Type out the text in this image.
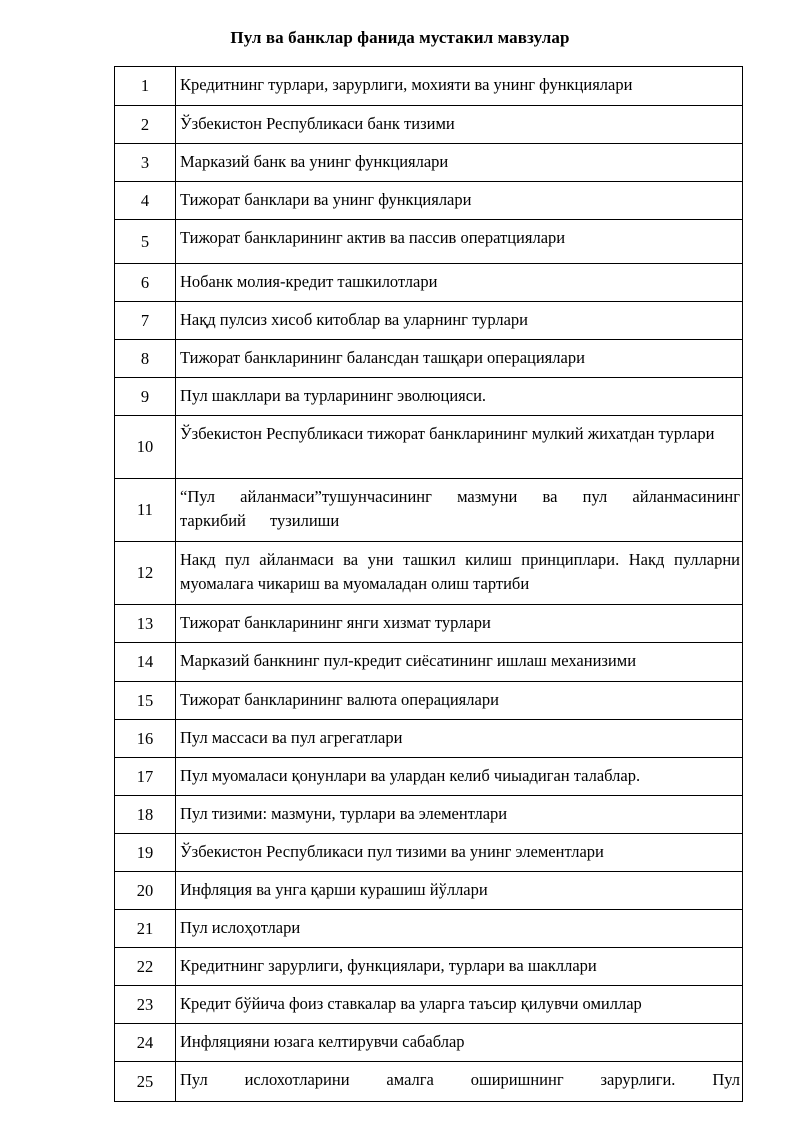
Пул ва банклар фанида мустакил мавзулар
1	Кредитнинг турлари, зарурлиги, мохияти ва унинг функциялари
2	Ўзбекистон Республикаси банк тизими
3	Марказий банк ва унинг функциялари
4	Тижорат банклари ва унинг функциялари
5	Тижорат банкларининг актив ва пассив оператциялари
6	Нобанк молия-кредит ташкилотлари
7	Нақд пулсиз хисоб китоблар ва уларнинг турлари
8	Тижорат банкларининг балансдан ташқари операциялари
9	Пул шакллари ва турларининг эволюцияси.
10	Ўзбекистон Республикаси тижорат банкларининг мулкий жихатдан турлари
11	“Пул айланмаси”тушунчасининг мазмуни ва пул айланмасининг таркибий тузилиши
12	Накд пул айланмаси ва уни ташкил килиш принциплари. Накд пулларни муомалага чикариш ва муомаладан олиш тартиби
13	Тижорат банкларининг янги хизмат турлари
14	Марказий банкнинг пул-кредит сиёсатининг ишлаш механизими
15	Тижорат банкларининг валюта операциялари
16	Пул массаси ва пул агрегатлари
17	Пул муомаласи қонунлари ва улардан келиб чиыадиган талаблар.
18	Пул тизими: мазмуни, турлари ва элементлари
19	Ўзбекистон Республикаси пул тизими ва унинг элементлари
20	Инфляция ва унга қарши курашиш йўллари
21	Пул ислоҳотлари
22	Кредитнинг зарурлиги, функциялари, турлари ва шакллари
23	Кредит бўйича фоиз ставкалар ва уларга таъсир қилувчи омиллар
24	Инфляцияни юзага келтирувчи сабаблар
25	Пул ислохотларини амалга оширишнинг зарурлиги. Пул
